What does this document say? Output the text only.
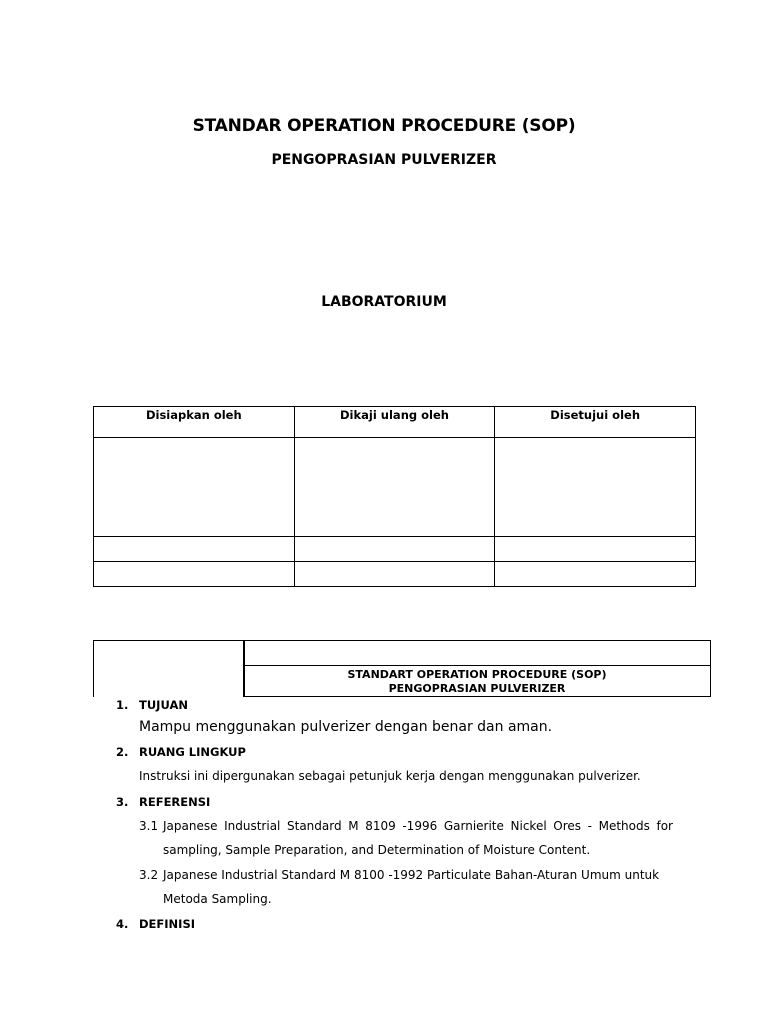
STANDAR OPERATION PROCEDURE (SOP)
PENGOPRASIAN PULVERIZER
LABORATORIUM
Disiapkan oleh	Dikaji ulang oleh	Disetujui oleh

STANDART OPERATION PROCEDURE (SOP)
PENGOPRASIAN PULVERIZER
1. TUJUAN
Mampu menggunakan pulverizer dengan benar dan aman.
2. RUANG LINGKUP
Instruksi ini dipergunakan sebagai petunjuk kerja dengan menggunakan pulverizer.
3. REFERENSI
3.1 Japanese Industrial Standard M 8109 -1996 Garnierite Nickel Ores - Methods for
sampling, Sample Preparation, and Determination of Moisture Content.
3.2 Japanese Industrial Standard M 8100 -1992 Particulate Bahan-Aturan Umum untuk
Metoda Sampling.
4. DEFINISI
